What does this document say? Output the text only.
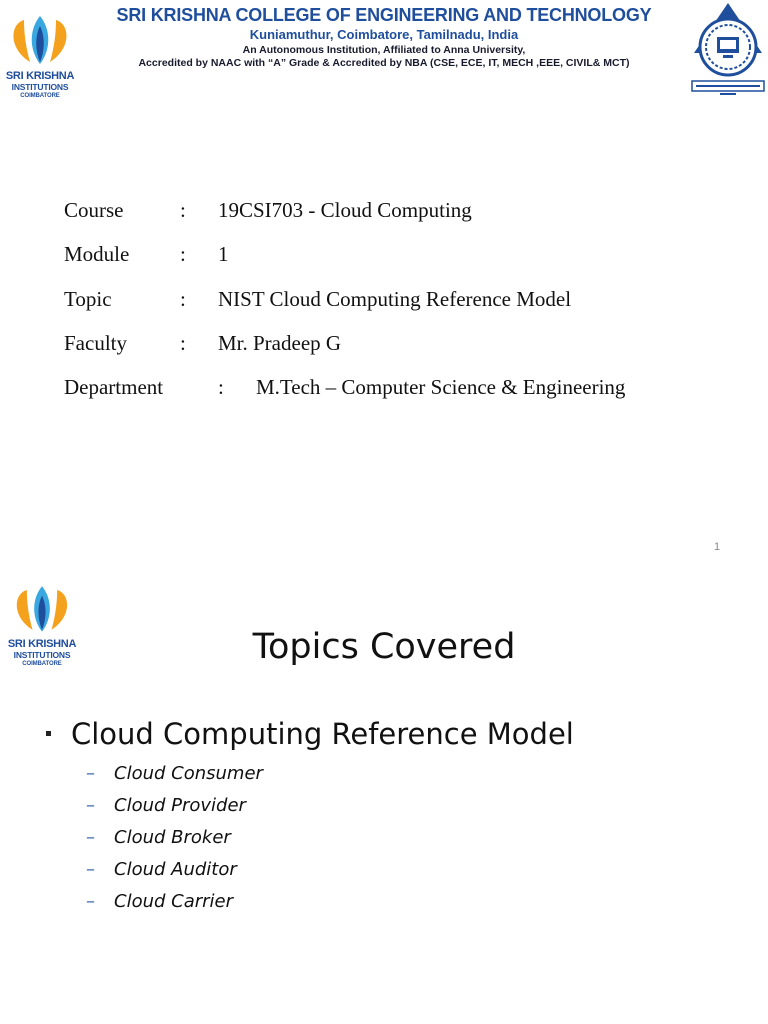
SRI KRISHNA
INSTITUTIONS
COIMBATORE
SRI KRISHNA COLLEGE OF ENGINEERING AND TECHNOLOGY
Kuniamuthur, Coimbatore, Tamilnadu, India
An Autonomous Institution, Affiliated to Anna University,
Accredited by NAAC with “A” Grade & Accredited by NBA (CSE, ECE, IT, MECH ,EEE, CIVIL& MCT)
Course	: 19CSI703 - Cloud Computing
Module : 1
Topic	: NIST Cloud Computing Reference Model
Faculty	: Mr. Pradeep G
Department	: M.Tech – Computer Science & Engineering
1
SRI KRISHNA
INSTITUTIONS
COIMBATORE	Topics Covered
Cloud Computing Reference Model
– Cloud Consumer
– Cloud Provider
– Cloud Broker
– Cloud Auditor
– Cloud Carrier
